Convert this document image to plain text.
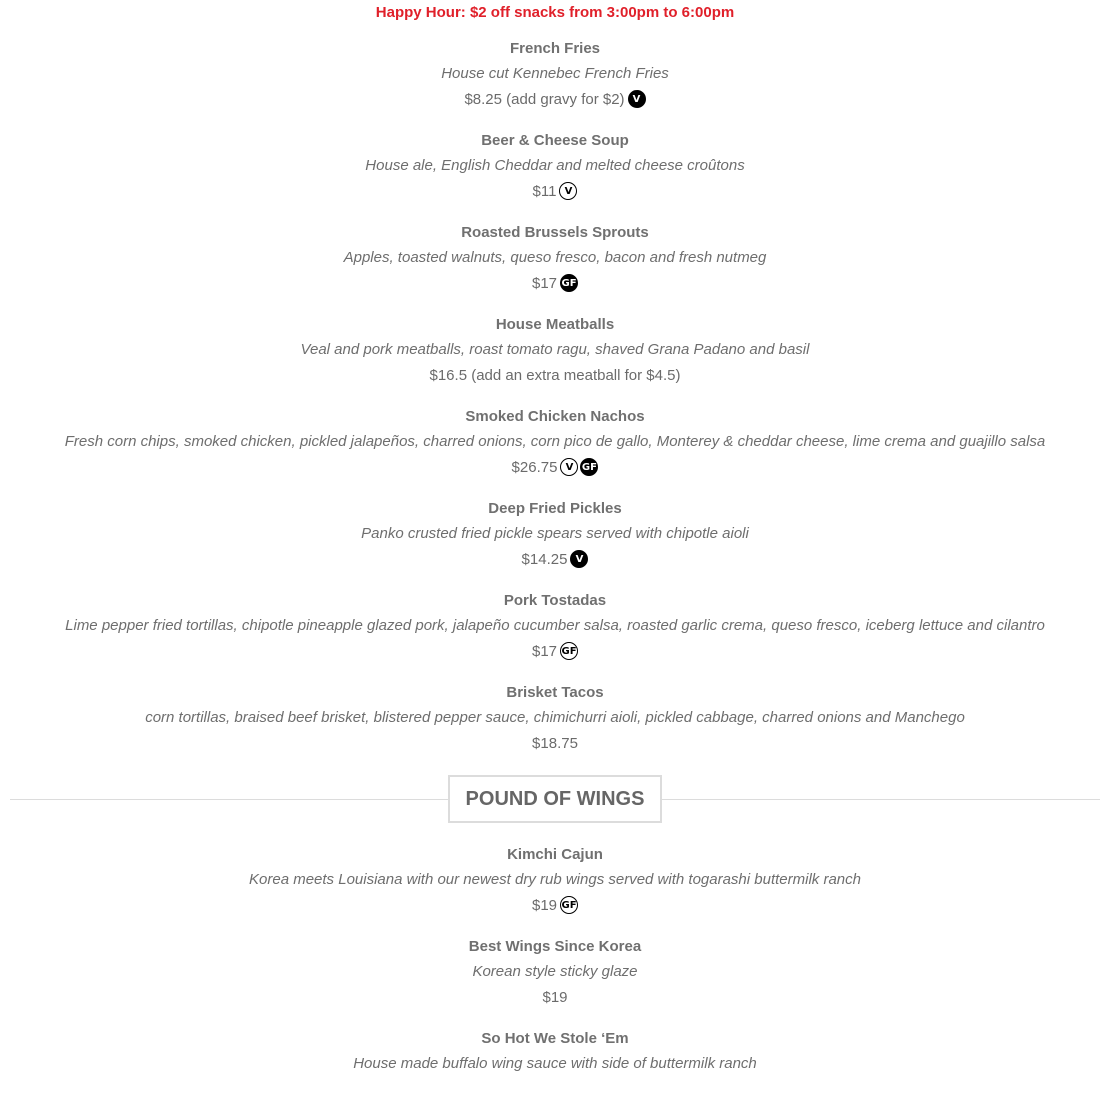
Happy Hour: $2 off snacks from 3:00pm to 6:00pm
French Fries
House cut Kennebec French Fries
$8.25 (add gravy for $2) V
Beer & Cheese Soup
House ale, English Cheddar and melted cheese croûtons
$11 V
Roasted Brussels Sprouts
Apples, toasted walnuts, queso fresco, bacon and fresh nutmeg
$17 GF
House Meatballs
Veal and pork meatballs, roast tomato ragu, shaved Grana Padano and basil
$16.5 (add an extra meatball for $4.5)
Smoked Chicken Nachos
Fresh corn chips, smoked chicken, pickled jalapeños, charred onions, corn pico de gallo, Monterey & cheddar cheese, lime crema and guajillo salsa
$26.75 V GF
Deep Fried Pickles
Panko crusted fried pickle spears served with chipotle aioli
$14.25 V
Pork Tostadas
Lime pepper fried tortillas, chipotle pineapple glazed pork, jalapeño cucumber salsa, roasted garlic crema, queso fresco, iceberg lettuce and cilantro
$17 GF
Brisket Tacos
corn tortillas, braised beef brisket, blistered pepper sauce, chimichurri aioli, pickled cabbage, charred onions and Manchego
$18.75
POUND OF WINGS
Kimchi Cajun
Korea meets Louisiana with our newest dry rub wings served with togarashi buttermilk ranch
$19 GF
Best Wings Since Korea
Korean style sticky glaze
$19
So Hot We Stole ‘Em
House made buffalo wing sauce with side of buttermilk ranch
